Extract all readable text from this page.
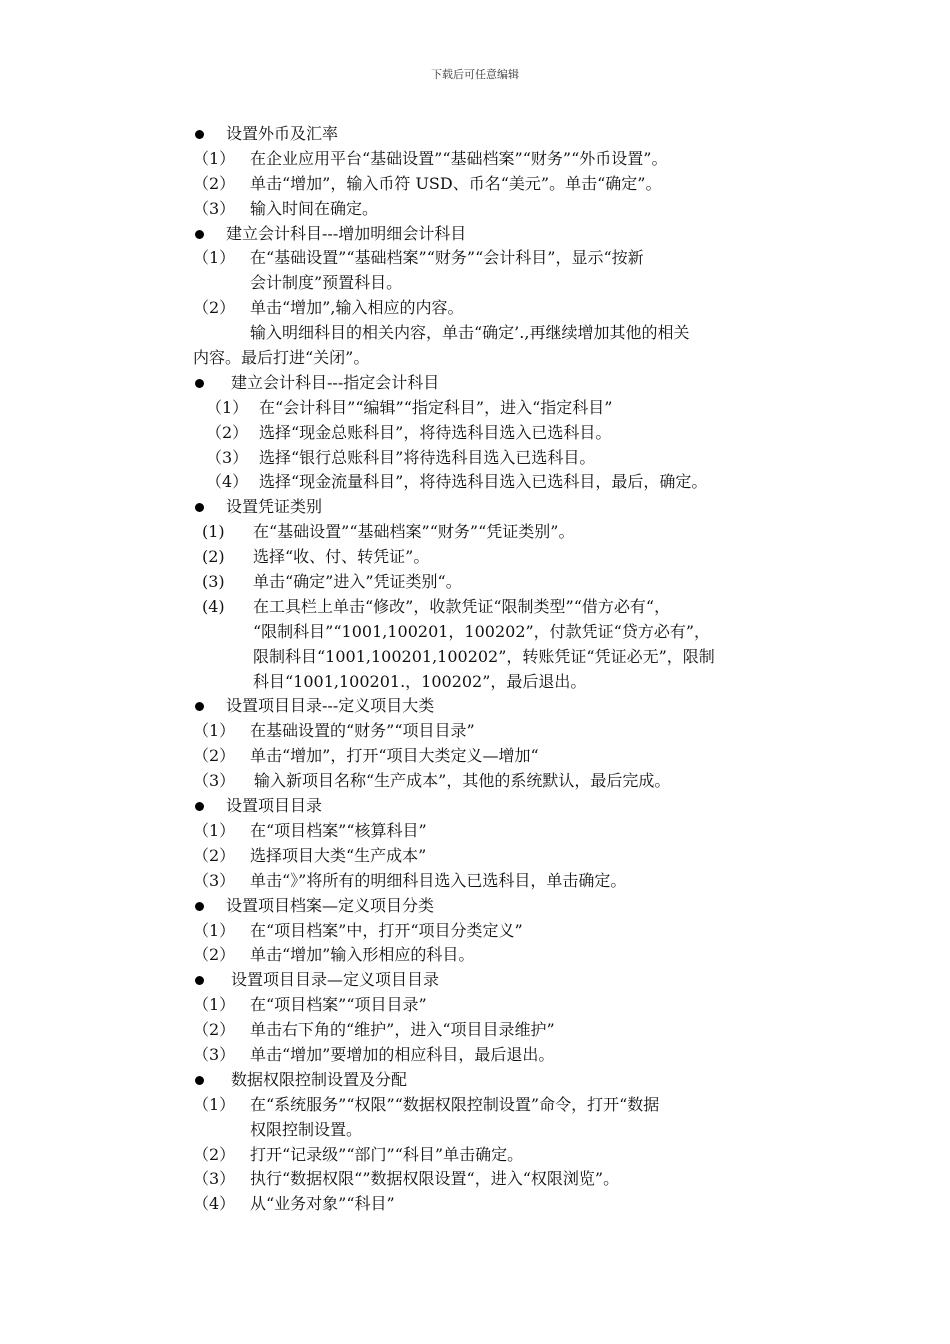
下载后可任意编辑
设置外币及汇率
（1） 在企业应用平台“基础设置”“基础档案”“财务”“外币设置”。
（2） 单击“增加”，输入币符 USD、币名“美元”。单击“确定”。
（3） 输入时间在确定。
建立会计科目---增加明细会计科目
（1） 在“基础设置”“基础档案”“财务”“会计科目”，显示“按新
会计制度”预置科目。
（2） 单击“增加”,输入相应的内容。
输入明细科目的相关内容，单击“确定’.,再继续增加其他的相关
内容。最后打进“关闭”。
建立会计科目---指定会计科目
（1） 在“会计科目”“编辑”“指定科目”，进入“指定科目”
（2） 选择“现金总账科目”，将待选科目选入已选科目。
（3） 选择“银行总账科目”将待选科目选入已选科目。
（4） 选择“现金流量科目”，将待选科目选入已选科目，最后，确定。
设置凭证类别
(1) 在“基础设置”“基础档案”“财务”“凭证类别”。
(2) 选择“收、付、转凭证”。
(3) 单击“确定”进入”凭证类别“。
(4) 在工具栏上单击“修改”，收款凭证“限制类型”“借方必有“，
“限制科目”“1001,100201，100202”，付款凭证“贷方必有”，
限制科目“1001,100201,100202”，转账凭证“凭证必无”，限制
科目“1001,100201.，100202”，最后退出。
设置项目目录---定义项目大类
（1） 在基础设置的“财务”“项目目录”
（2） 单击“增加”，打开“项目大类定义—增加“
（3） 输入新项目名称“生产成本”，其他的系统默认，最后完成。
设置项目目录
（1） 在“项目档案”“核算科目”
（2） 选择项目大类“生产成本”
（3） 单击“》”将所有的明细科目选入已选科目，单击确定。
设置项目档案—定义项目分类
（1） 在“项目档案”中，打开“项目分类定义”
（2） 单击“增加”输入形相应的科目。
设置项目目录—定义项目目录
（1） 在“项目档案”“项目目录”
（2） 单击右下角的“维护”，进入“项目目录维护”
（3） 单击“增加”要增加的相应科目，最后退出。
数据权限控制设置及分配
（1） 在“系统服务”“权限”“数据权限控制设置”命令，打开“数据
权限控制设置。
（2） 打开“记录级”“部门”“科目”单击确定。
（3） 执行“数据权限“”数据权限设置“，进入“权限浏览”。
（4） 从“业务对象”“科目”
